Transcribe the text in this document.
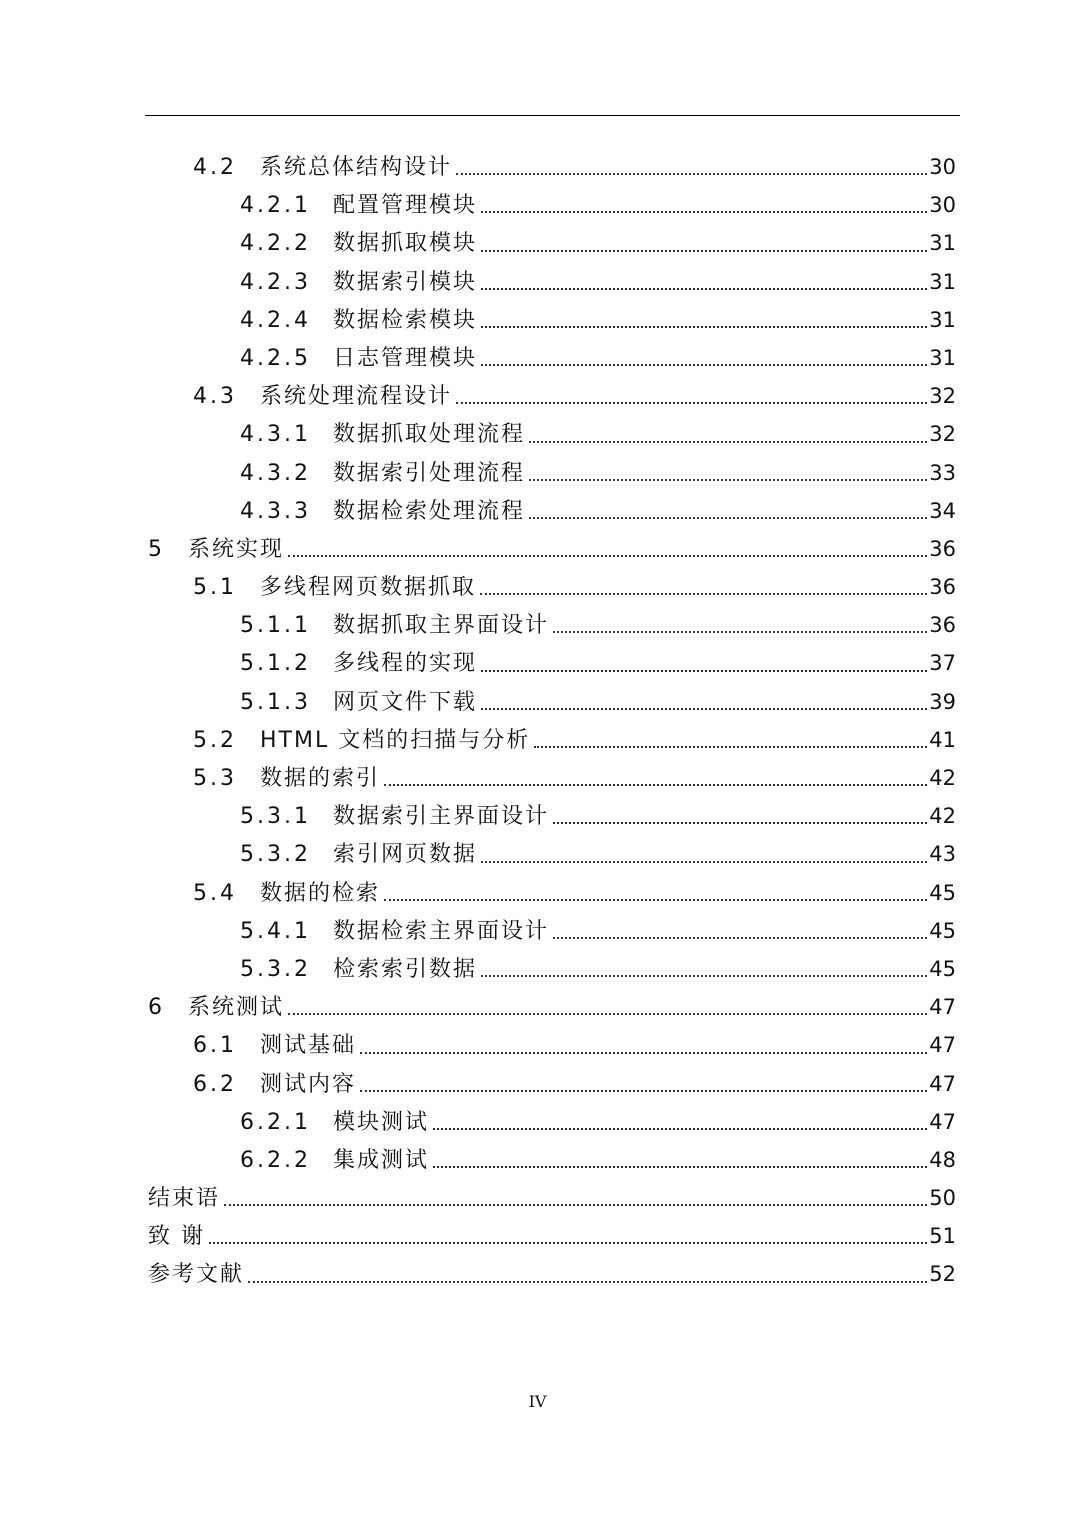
4.2	系统总体结构设计	30
4.2.1	配置管理模块	30
4.2.2	数据抓取模块	31
4.2.3	数据索引模块	31
4.2.4	数据检索模块	31
4.2.5	日志管理模块	31
4.3	系统处理流程设计	32
4.3.1	数据抓取处理流程	32
4.3.2	数据索引处理流程	33
4.3.3	数据检索处理流程	34
5	系统实现	36
5.1	多线程网页数据抓取	36
5.1.1	数据抓取主界面设计	36
5.1.2	多线程的实现	37
5.1.3	网页文件下载	39
5.2	HTML 文档的扫描与分析	41
5.3	数据的索引	42
5.3.1	数据索引主界面设计	42
5.3.2	索引网页数据	43
5.4	数据的检索	45
5.4.1	数据检索主界面设计	45
5.3.2	检索索引数据	45
6	系统测试	47
6.1	测试基础	47
6.2	测试内容	47
6.2.1	模块测试	47
6.2.2	集成测试	48
结束语	50
致 谢	51
参考文献	52
IV
